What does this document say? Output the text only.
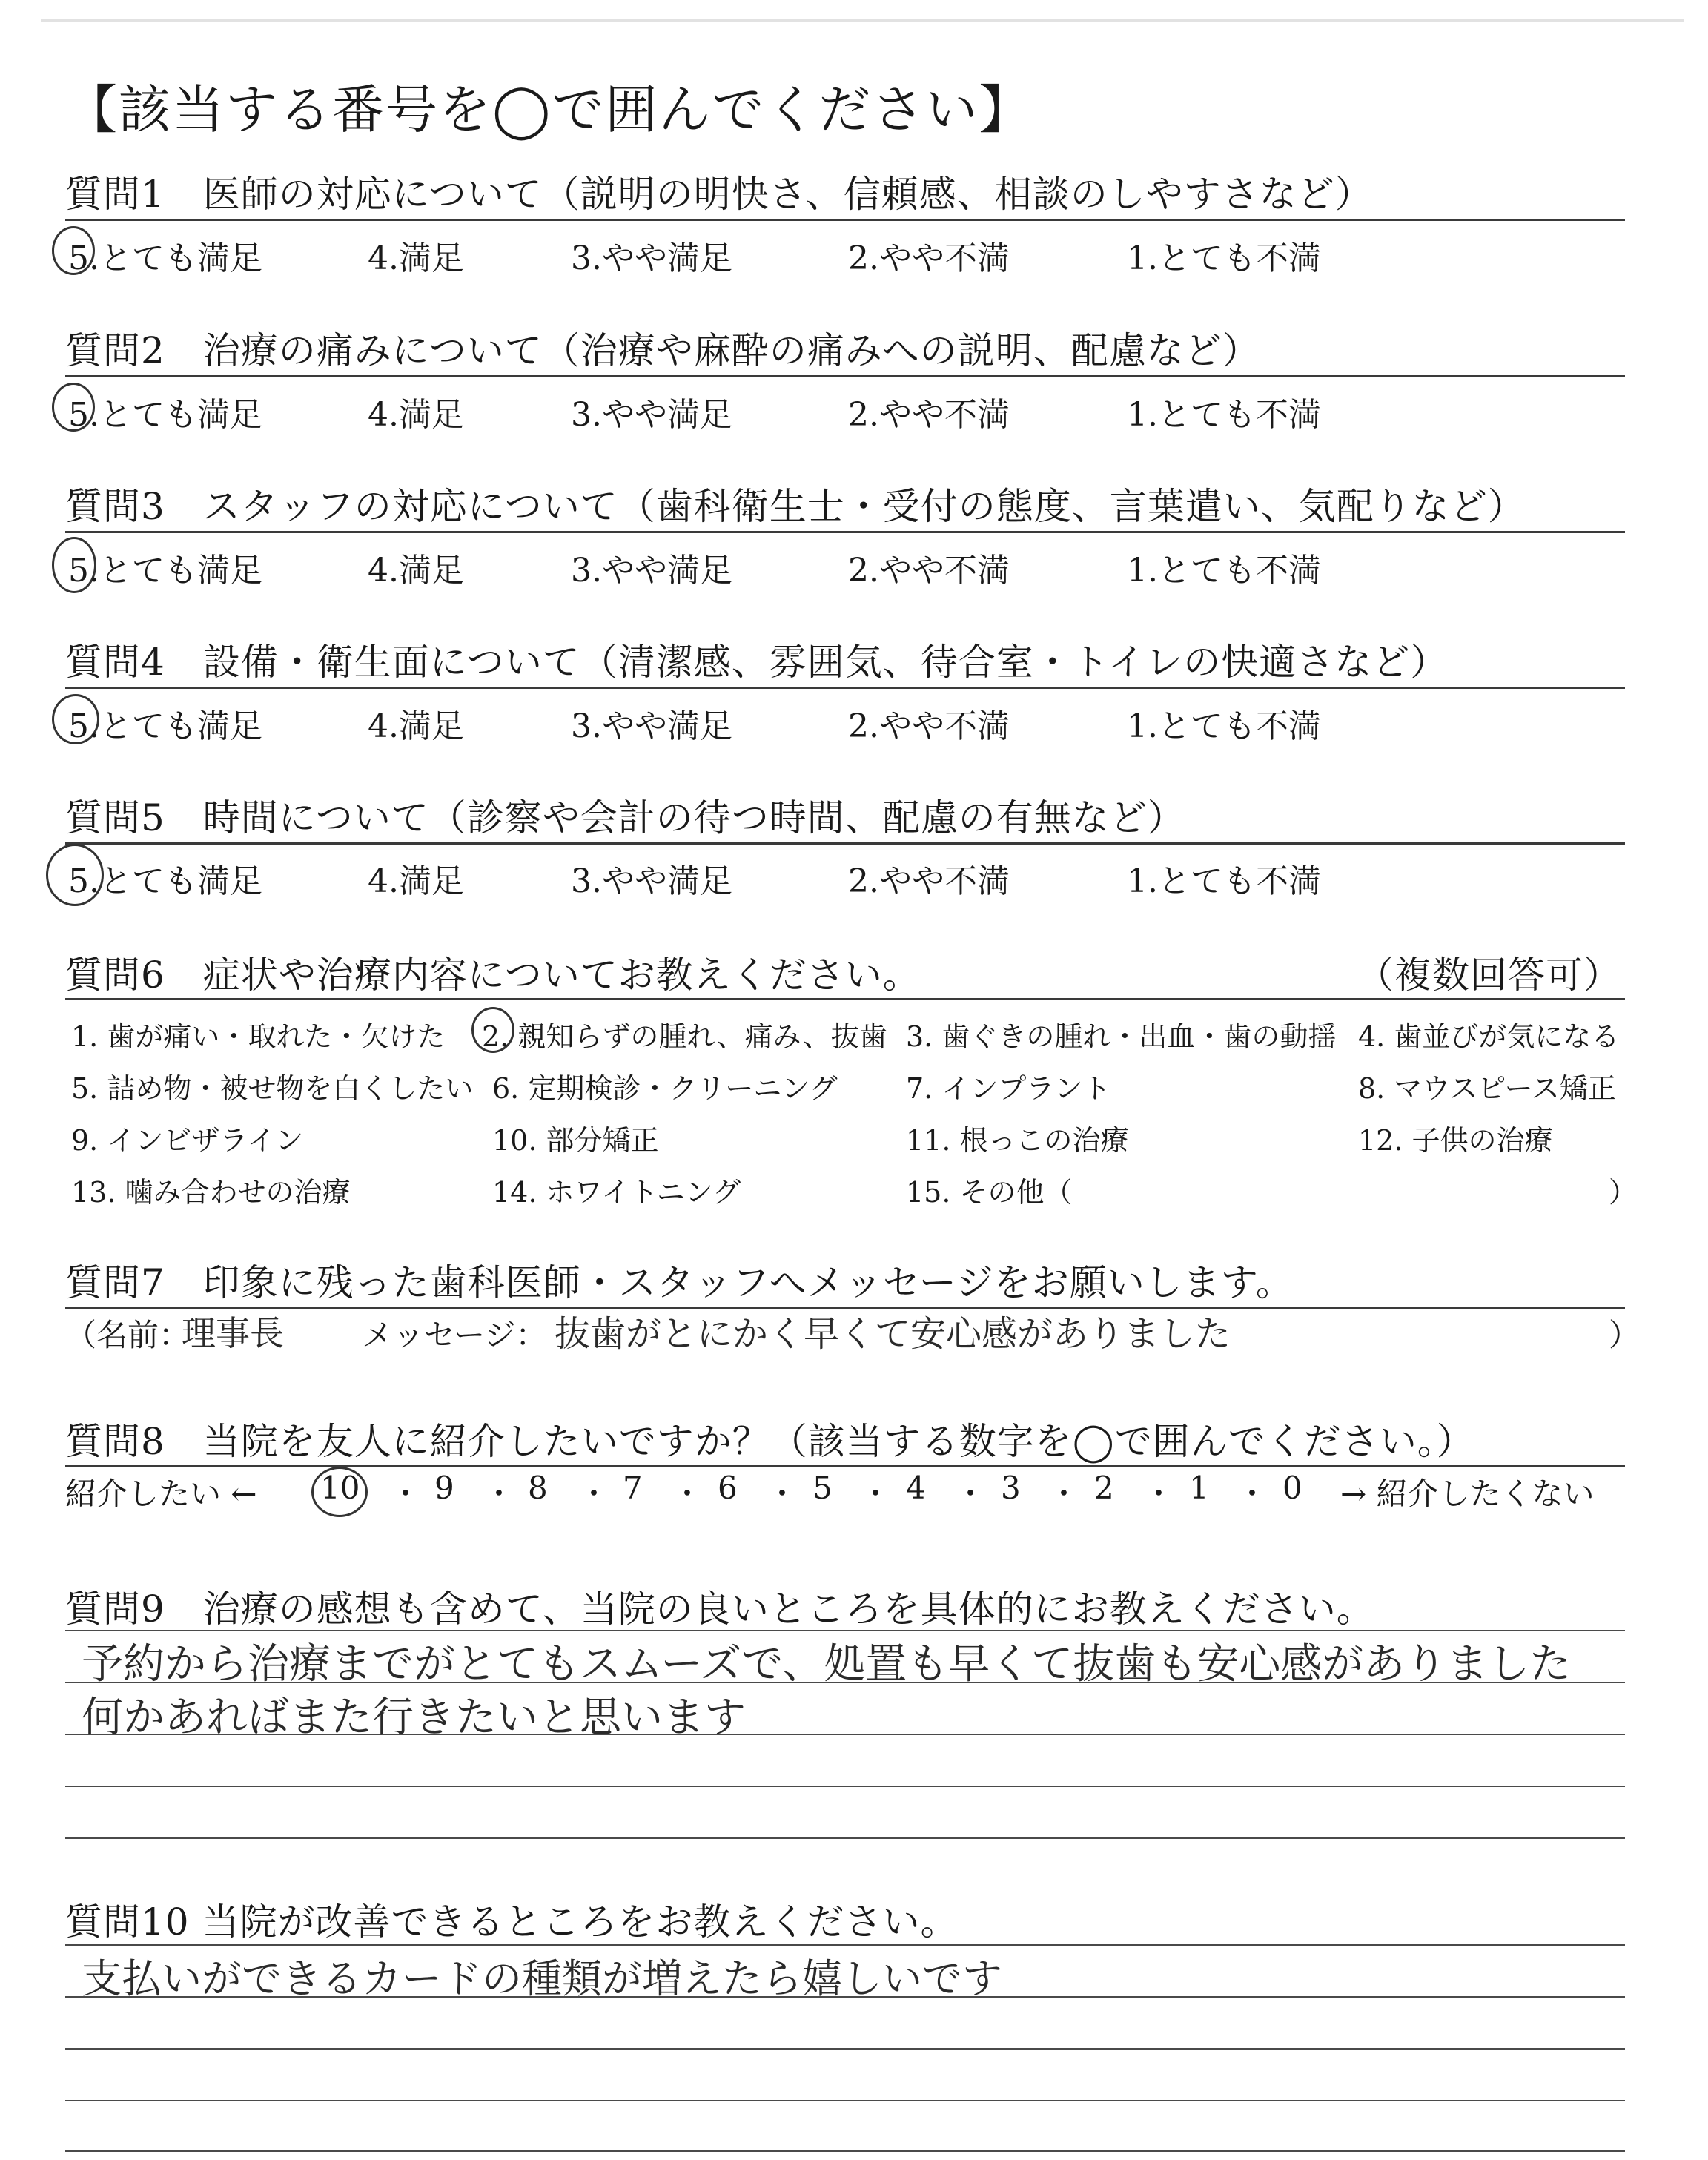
【該当する番号を◯で囲んでください】
質問1　医師の対応について（説明の明快さ、信頼感、相談のしやすさなど）
5.とても満足	4.満足	3.やや満足	2.やや不満	1.とても不満
質問2　治療の痛みについて（治療や麻酔の痛みへの説明、配慮など）
5.とても満足	4.満足	3.やや満足	2.やや不満	1.とても不満
質問3　スタッフの対応について（歯科衛生士・受付の態度、言葉遣い、気配りなど）
5.とても満足	4.満足	3.やや満足	2.やや不満	1.とても不満
質問4　設備・衛生面について（清潔感、雰囲気、待合室・トイレの快適さなど）
5.とても満足	4.満足	3.やや満足	2.やや不満	1.とても不満
質問5　時間について（診察や会計の待つ時間、配慮の有無など）
5.とても満足	4.満足	3.やや満足	2.やや不満	1.とても不満
質問6　症状や治療内容についてお教えください。	（複数回答可）
1. 歯が痛い・取れた・欠けた 2. 親知らずの腫れ、痛み、抜歯 3. 歯ぐきの腫れ・出血・歯の動揺 4. 歯並びが気になる
5. 詰め物・被せ物を白くしたい 6. 定期検診・クリーニング 7. インプラント	8. マウスピース矯正
9. インビザライン	10. 部分矯正	11. 根っこの治療	12. 子供の治療
13. 噛み合わせの治療	14. ホワイトニング	15. その他（	）
質問7　印象に残った歯科医師・スタッフへメッセージをお願いします。
（名前：
理事長	メッセージ： 抜歯がとにかく早くて安心感がありました	）
質問8　当院を友人に紹介したいですか？（該当する数字を◯で囲んでください。）
紹介したい ← 10 ・ 9 ・ 8 ・ 7 ・ 6 ・ 5 ・ 4 ・ 3 ・ 2 ・ 1 ・ 0 → 紹介したくない
質問9　治療の感想も含めて、当院の良いところを具体的にお教えください。
予約から治療までがとてもスムーズで、処置も早くて抜歯も安心感がありました
何かあればまた行きたいと思います
質問10 当院が改善できるところをお教えください。
支払いができるカードの種類が増えたら嬉しいです
